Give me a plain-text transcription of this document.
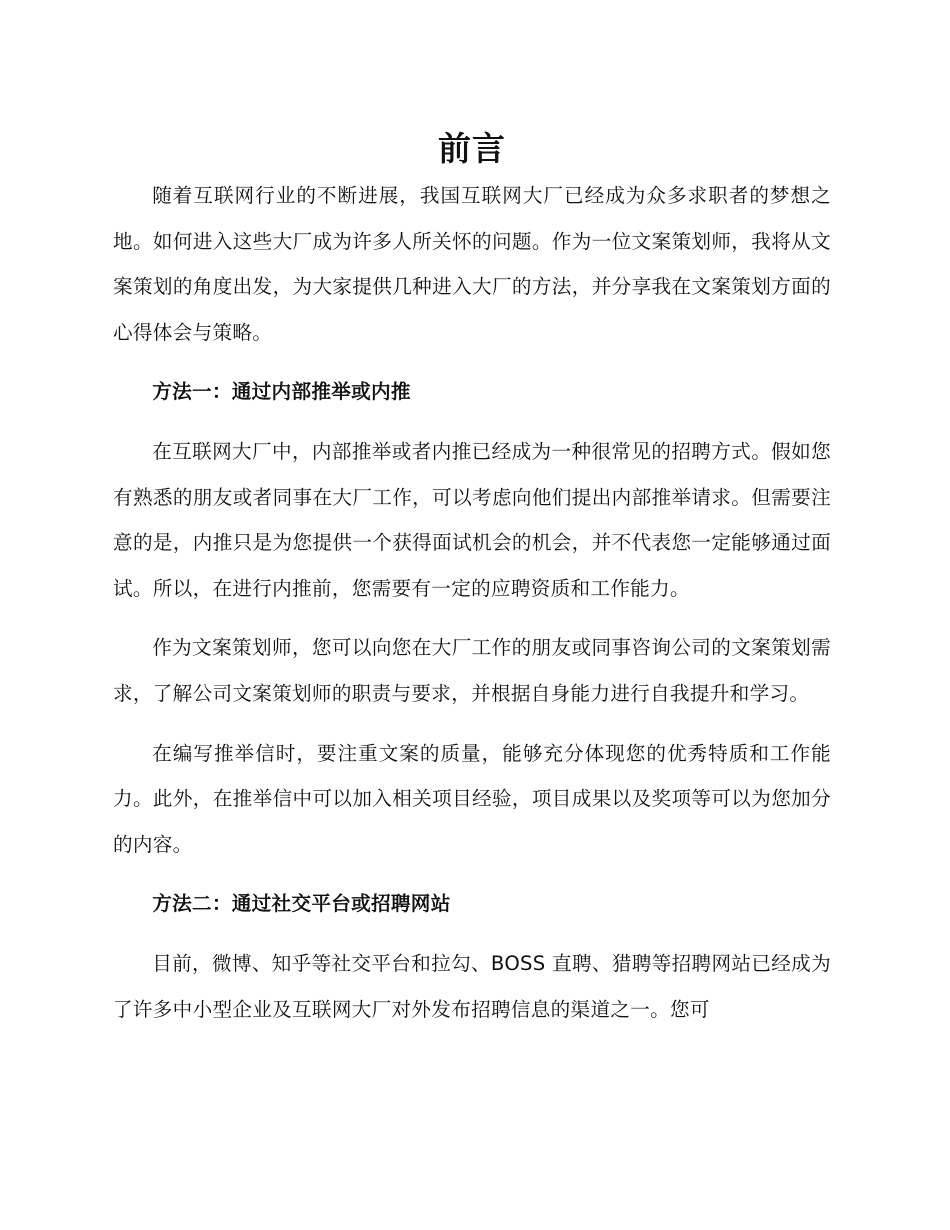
前言

随着互联网行业的不断进展，我国互联网大厂已经成为众多求职者的梦想之地。如何进入这些大厂成为许多人所关怀的问题。作为一位文案策划师，我将从文案策划的角度出发，为大家提供几种进入大厂的方法，并分享我在文案策划方面的心得体会与策略。

方法一：通过内部推举或内推

在互联网大厂中，内部推举或者内推已经成为一种很常见的招聘方式。假如您有熟悉的朋友或者同事在大厂工作，可以考虑向他们提出内部推举请求。但需要注意的是，内推只是为您提供一个获得面试机会的机会，并不代表您一定能够通过面试。所以，在进行内推前，您需要有一定的应聘资质和工作能力。

作为文案策划师，您可以向您在大厂工作的朋友或同事咨询公司的文案策划需求，了解公司文案策划师的职责与要求，并根据自身能力进行自我提升和学习。

在编写推举信时，要注重文案的质量，能够充分体现您的优秀特质和工作能力。此外，在推举信中可以加入相关项目经验，项目成果以及奖项等可以为您加分的内容。

方法二：通过社交平台或招聘网站

目前，微博、知乎等社交平台和拉勾、BOSS 直聘、猎聘等招聘网站已经成为了许多中小型企业及互联网大厂对外发布招聘信息的渠道之一。您可
